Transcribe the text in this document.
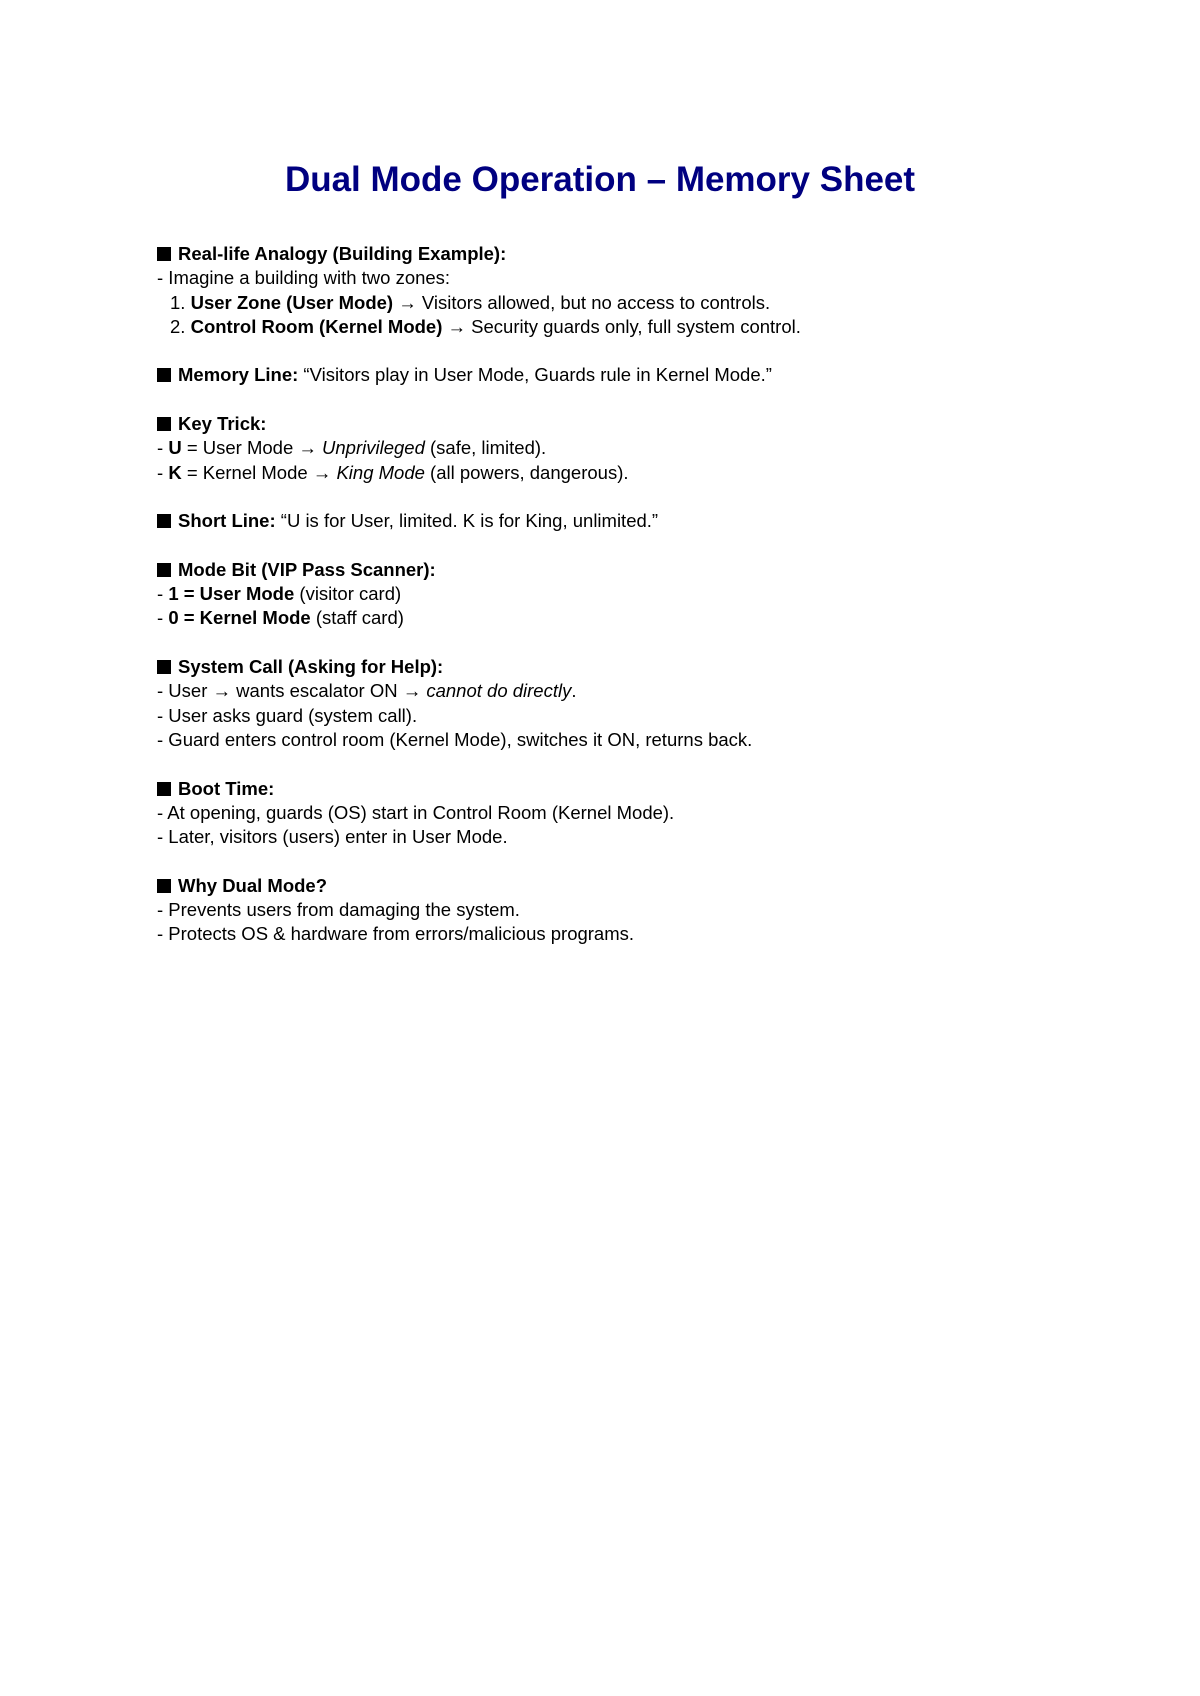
Dual Mode Operation – Memory Sheet
Real-life Analogy (Building Example):
- Imagine a building with two zones:
1. User Zone (User Mode) → Visitors allowed, but no access to controls.
2. Control Room (Kernel Mode) → Security guards only, full system control.
Memory Line: “Visitors play in User Mode, Guards rule in Kernel Mode.”
Key Trick:
- U = User Mode → Unprivileged (safe, limited).
- K = Kernel Mode → King Mode (all powers, dangerous).
Short Line: “U is for User, limited. K is for King, unlimited.”
Mode Bit (VIP Pass Scanner):
- 1 = User Mode (visitor card)
- 0 = Kernel Mode (staff card)
System Call (Asking for Help):
- User → wants escalator ON → cannot do directly.
- User asks guard (system call).
- Guard enters control room (Kernel Mode), switches it ON, returns back.
Boot Time:
- At opening, guards (OS) start in Control Room (Kernel Mode).
- Later, visitors (users) enter in User Mode.
Why Dual Mode?
- Prevents users from damaging the system.
- Protects OS & hardware from errors/malicious programs.
